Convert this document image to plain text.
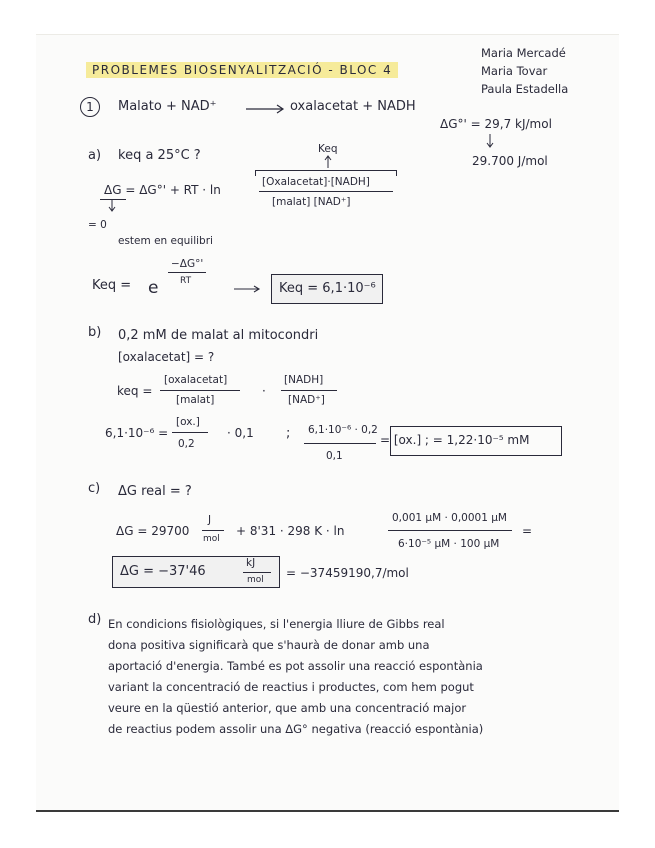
PROBLEMES BIOSENYALITZACIÓ - BLOC 4
Maria Mercadé
Maria Tovar
Paula Estadella
1	Malato + NAD⁺ → oxalacetat + NADH
ΔG°' = 29,7 kJ/mol
29.700 J/mol
a) keq a 25°C ?	Keq
ΔG = ΔG°' + RT · ln
[Oxalacetat]·[NADH]
[malat] [NAD⁺]
= 0
estem en equilibri
Keq = e
−ΔG°'
RT	Keq = 6,1·10⁻⁶
b) 0,2 mM de malat al mitocondri
[oxalacetat] = ?
keq =
[oxalacetat]
[malat]
·
[NADH]
[NAD⁺]
6,1·10⁻⁶ =
[ox.]
0,2
· 0,1 ; 6,1·10⁻⁶ · 0,2
0,1
= [ox.] ; = 1,22·10⁻⁵ mM
c) ΔG real = ?
ΔG = 29700
J
mol
+ 8'31 · 298 K · ln
0,001 μM · 0,0001 μM
6·10⁻⁵ μM · 100 μM
=
ΔG = −37'46
kJ
mol = −37459190,7/mol
d) En condicions fisiològiques, si l'energia lliure de Gibbs real
dona positiva significarà que s'haurà de donar amb una
aportació d'energia. També es pot assolir una reacció espontània
variant la concentració de reactius i productes, com hem pogut
veure en la qüestió anterior, que amb una concentració major
de reactius podem assolir una ΔG° negativa (reacció espontània)
